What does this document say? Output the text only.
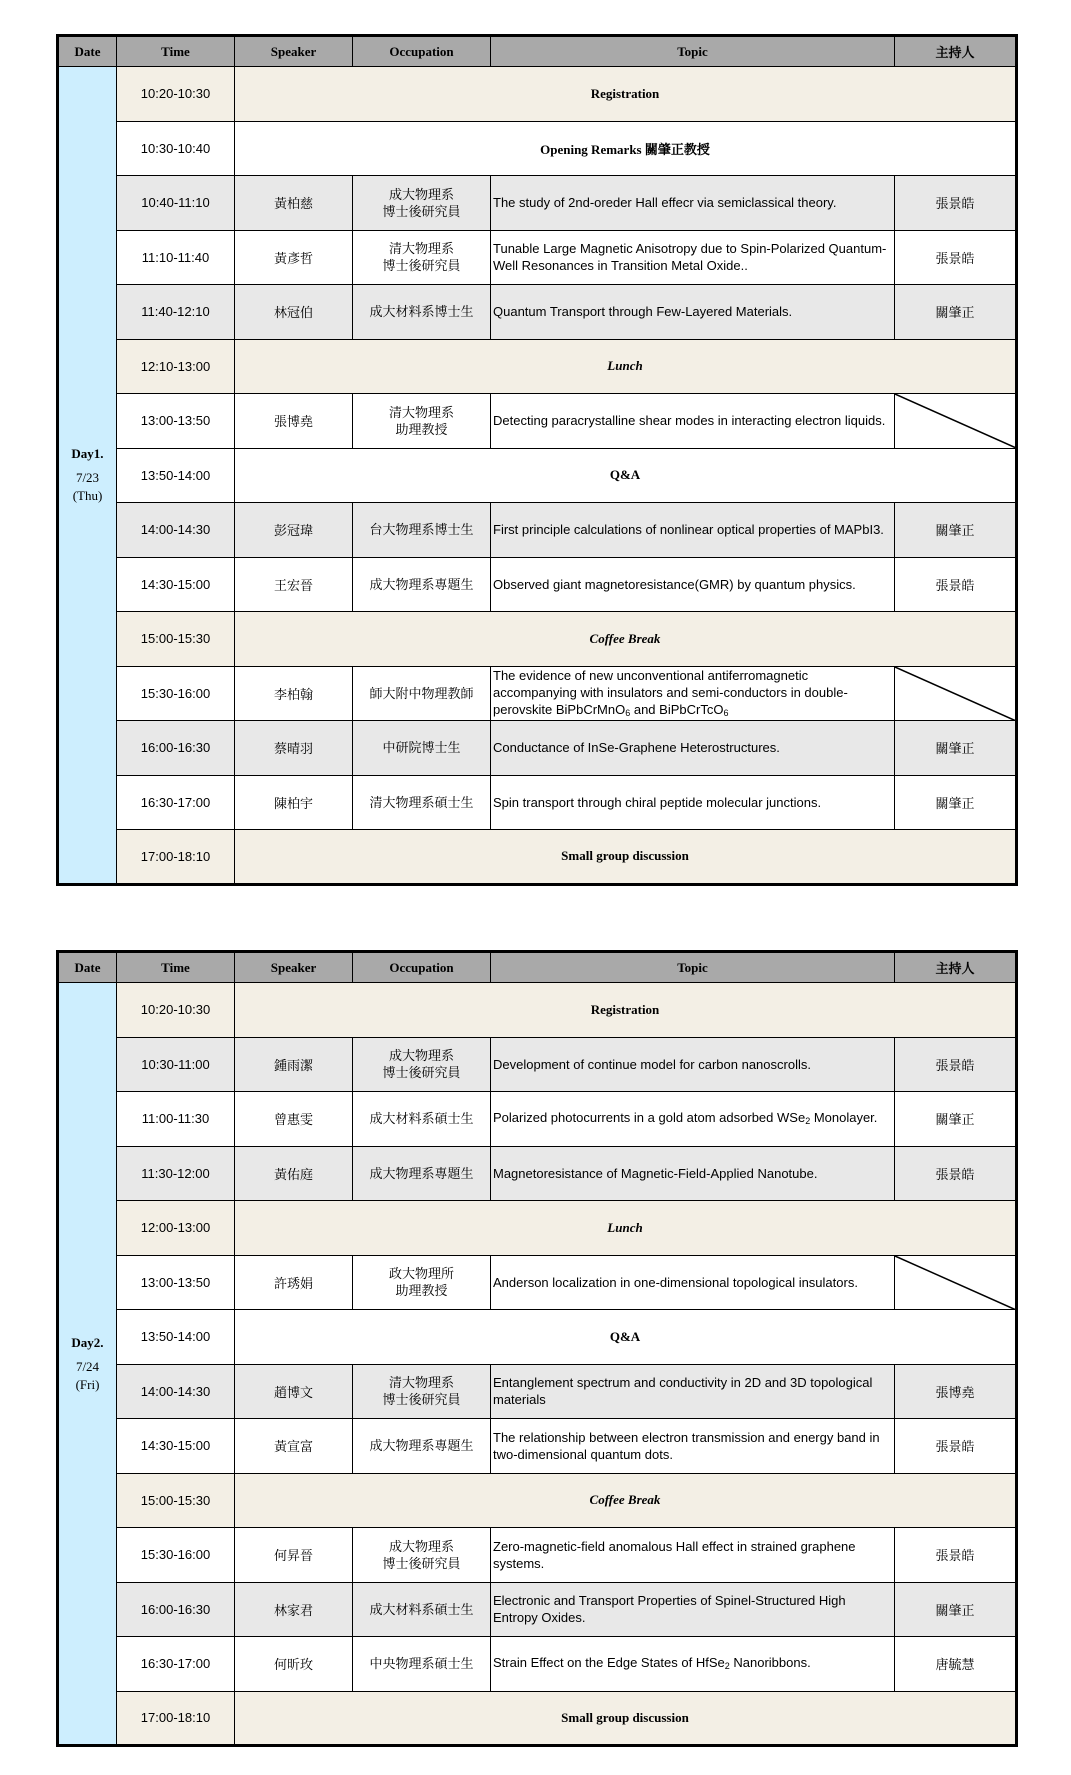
Date	Time	Speaker	Occupation	Topic	主持人

Day1.
7/23
(Thu)	10:20-10:30	Registration			
	10:30-10:40	Opening Remarks 關肇正教授			
	10:40-11:10	黃柏慈	成大物理系
博士後研究員	The study of 2nd-oreder Hall effecr via semiclassical theory.	張景皓
	11:10-11:40	黃彥哲	清大物理系
博士後研究員	Tunable Large Magnetic Anisotropy due to Spin-Polarized Quantum-Well Resonances in Transition Metal Oxide..	張景皓
	11:40-12:10	林冠伯	成大材料系博士生	Quantum Transport through Few-Layered Materials.	關肇正
	12:10-13:00	Lunch			
	13:00-13:50	張博堯	清大物理系
助理教授	Detecting paracrystalline shear modes in interacting electron liquids.	

	13:50-14:00	Q&A			
	14:00-14:30	彭冠瑋	台大物理系博士生	First principle calculations of nonlinear optical properties of MAPbI3.	關肇正
	14:30-15:00	王宏晉	成大物理系專題生	Observed giant magnetoresistance(GMR) by quantum physics.	張景皓
	15:00-15:30	Coffee Break			
	15:30-16:00	李柏翰	師大附中物理教師	The evidence of new unconventional antiferromagnetic accompanying with insulators and semi-conductors in double-perovskite BiPbCrMnO$_6$ and BiPbCrTcO$_6$	

	16:00-16:30	蔡晴羽	中研院博士生	Conductance of InSe-Graphene Heterostructures.	關肇正
	16:30-17:00	陳柏宇	清大物理系碩士生	Spin transport through chiral peptide molecular junctions.	關肇正
	17:00-18:10	Small group discussion			
Date	Time	Speaker	Occupation	Topic	主持人

Day2.
7/24
(Fri)	10:20-10:30	Registration			
	10:30-11:00	鍾雨潔	成大物理系
博士後研究員	Development of continue model for carbon nanoscrolls.	張景皓
	11:00-11:30	曾惠雯	成大材料系碩士生	Polarized photocurrents in a gold atom adsorbed WSe$_2$ Monolayer.	關肇正
	11:30-12:00	黃佑庭	成大物理系專題生	Magnetoresistance of Magnetic-Field-Applied Nanotube.	張景皓
	12:00-13:00	Lunch			
	13:00-13:50	許琇娟	政大物理所
助理教授	Anderson localization in one-dimensional topological insulators.	

	13:50-14:00	Q&A			
	14:00-14:30	趙博文	清大物理系
博士後研究員	Entanglement spectrum and conductivity in 2D and 3D topological materials	張博堯
	14:30-15:00	黃宣富	成大物理系專題生	The relationship between electron transmission and energy band in two-dimensional quantum dots.	張景皓
	15:00-15:30	Coffee Break			
	15:30-16:00	何昇晉	成大物理系
博士後研究員	Zero-magnetic-field anomalous Hall effect in strained graphene systems.	張景皓
	16:00-16:30	林家君	成大材料系碩士生	Electronic and Transport Properties of Spinel-Structured High Entropy Oxides.	關肇正
	16:30-17:00	何昕玫	中央物理系碩士生	Strain Effect on the Edge States of HfSe$_2$ Nanoribbons.	唐毓慧
	17:00-18:10	Small group discussion			
